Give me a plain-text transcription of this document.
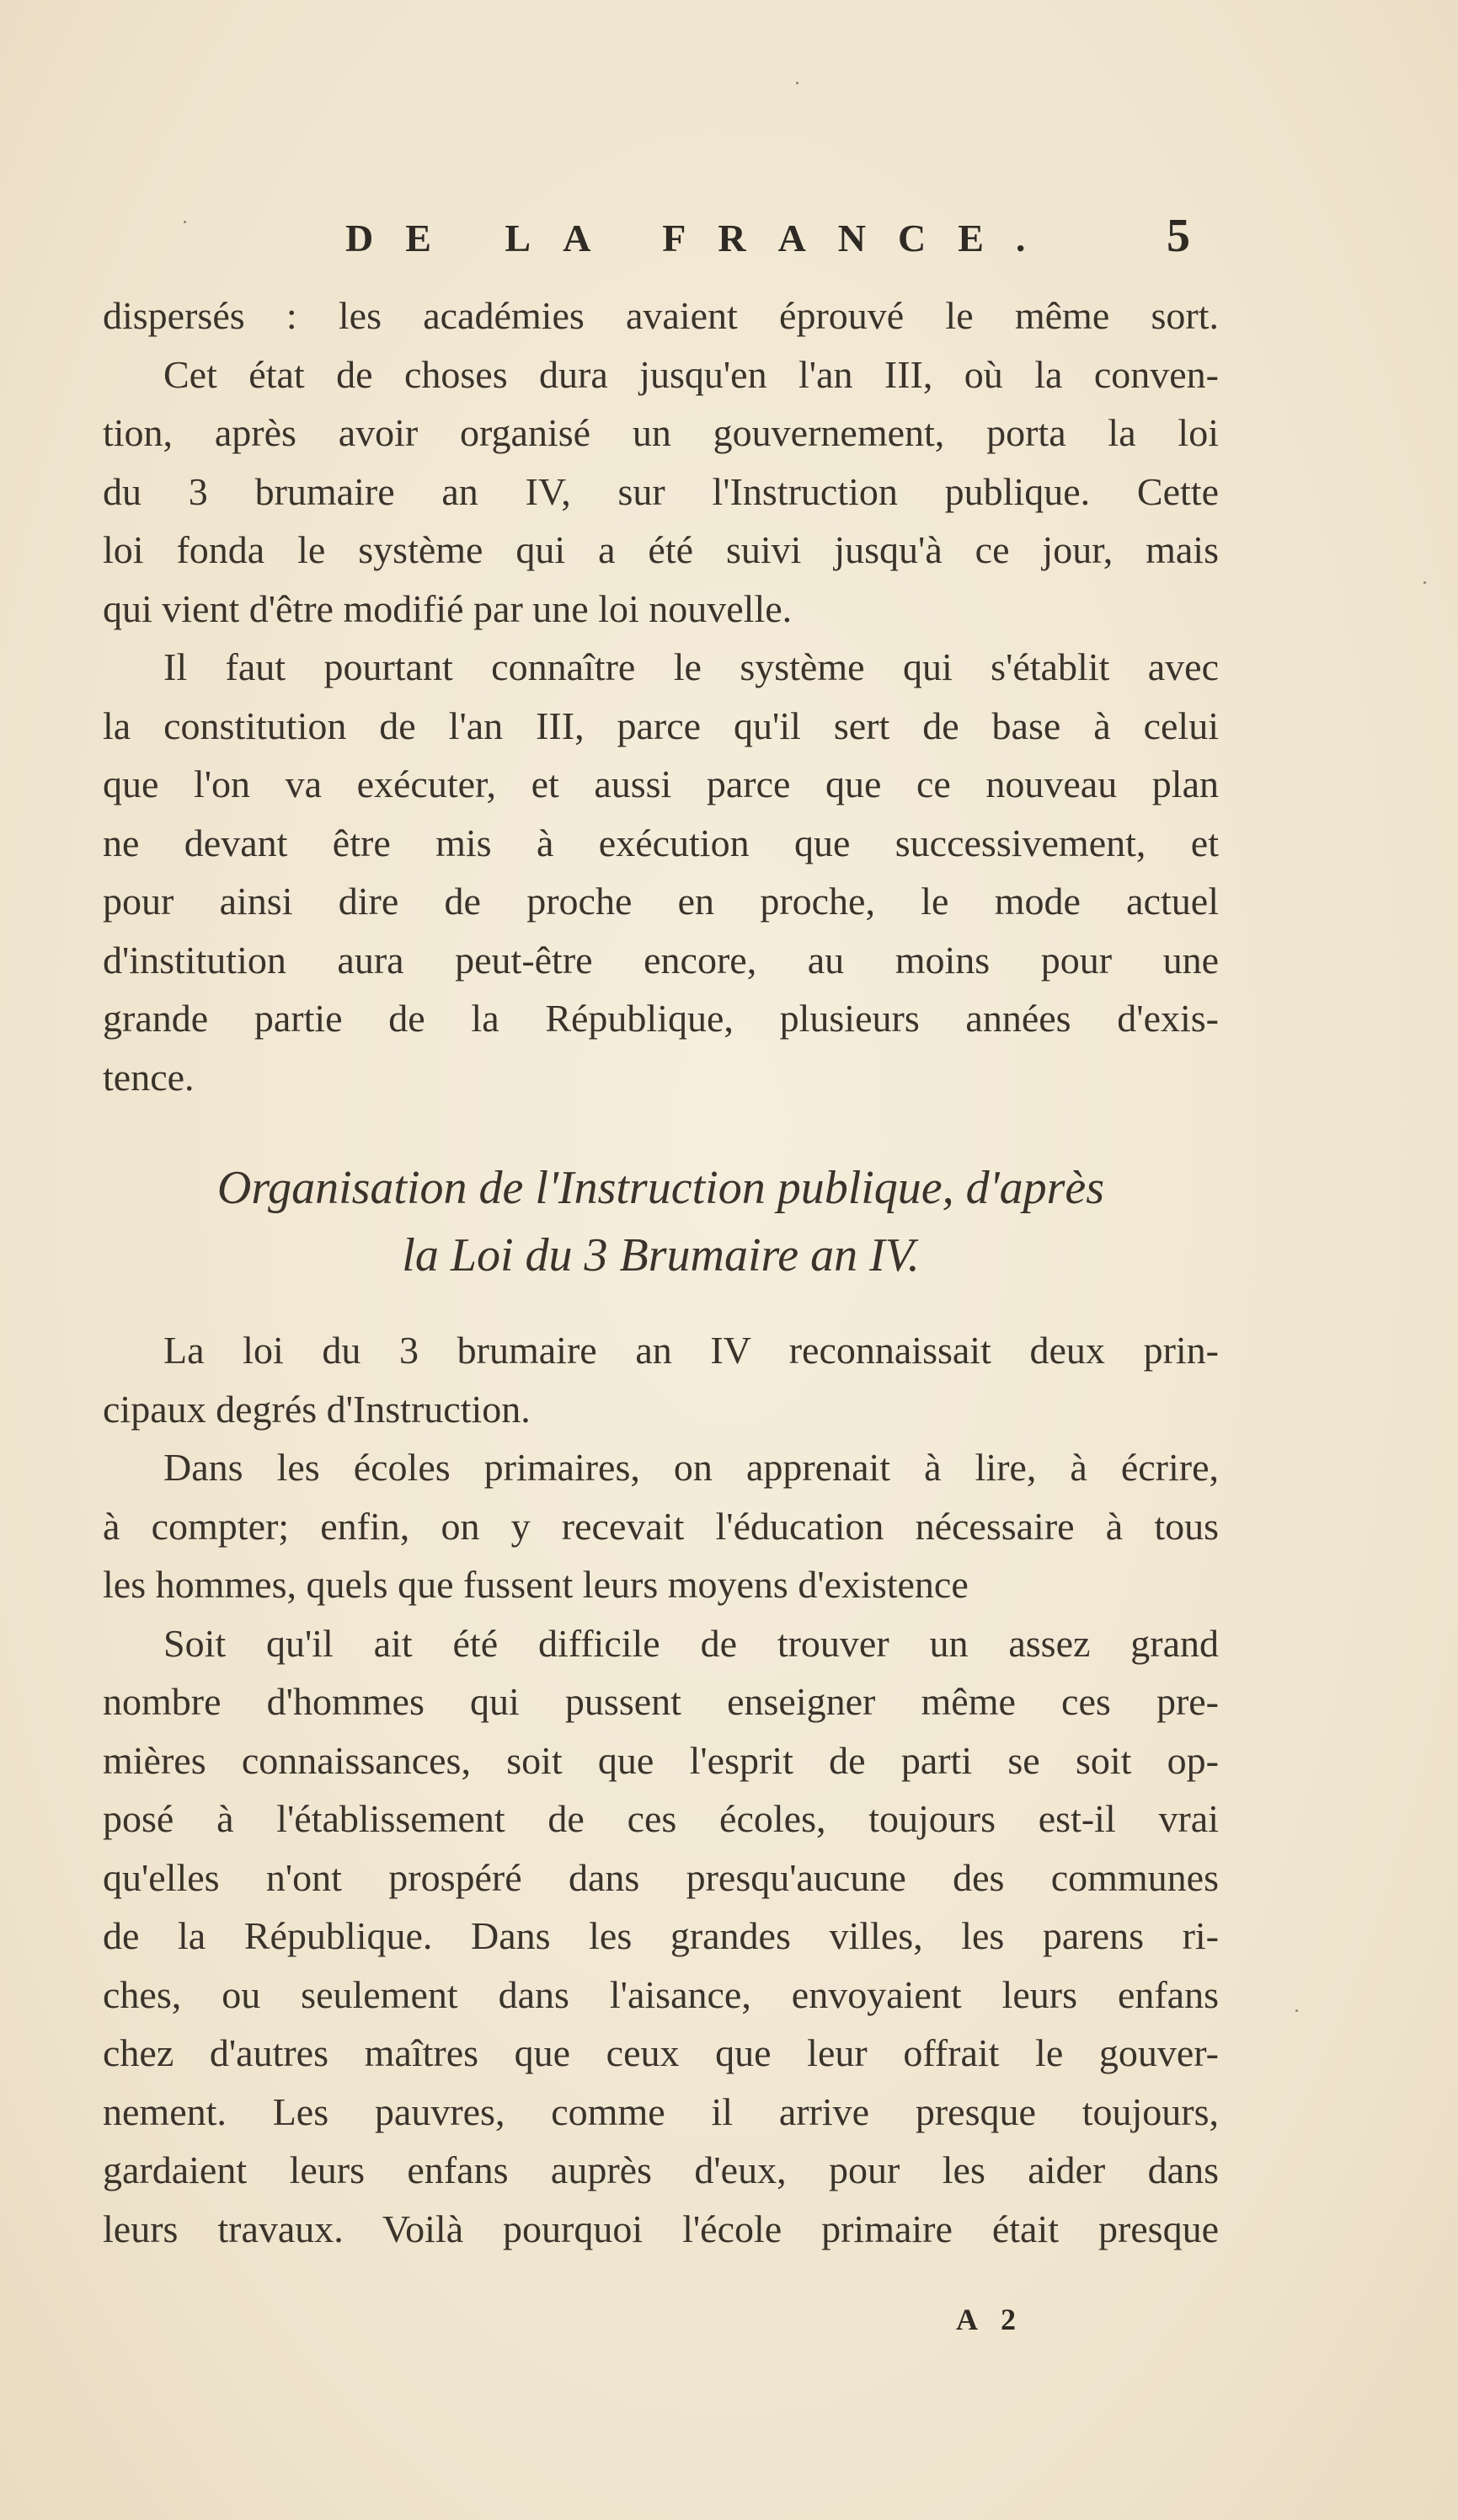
DE LA FRANCE. 5
dispersés : les académies avaient éprouvé le même sort.
Cet état de choses dura jusqu'en l'an III, où la conven-
tion, après avoir organisé un gouvernement, porta la loi
du 3 brumaire an IV, sur l'Instruction publique. Cette
loi fonda le système qui a été suivi jusqu'à ce jour, mais
qui vient d'être modifié par une loi nouvelle.
Il faut pourtant connaître le système qui s'établit avec
la constitution de l'an III, parce qu'il sert de base à celui
que l'on va exécuter, et aussi parce que ce nouveau plan
ne devant être mis à exécution que successivement, et
pour ainsi dire de proche en proche, le mode actuel
d'institution aura peut-être encore, au moins pour une
grande partie de la République, plusieurs années d'exis-
tence.
Organisation de l'Instruction publique, d'après
la Loi du 3 Brumaire an IV.
La loi du 3 brumaire an IV reconnaissait deux prin-
cipaux degrés d'Instruction.
Dans les écoles primaires, on apprenait à lire, à écrire,
à compter; enfin, on y recevait l'éducation nécessaire à tous
les hommes, quels que fussent leurs moyens d'existence
Soit qu'il ait été difficile de trouver un assez grand
nombre d'hommes qui pussent enseigner même ces pre-
mières connaissances, soit que l'esprit de parti se soit op-
posé à l'établissement de ces écoles, toujours est-il vrai
qu'elles n'ont prospéré dans presqu'aucune des communes
de la République. Dans les grandes villes, les parens ri-
ches, ou seulement dans l'aisance, envoyaient leurs enfans
chez d'autres maîtres que ceux que leur offrait le gouver-
nement. Les pauvres, comme il arrive presque toujours,
gardaient leurs enfans auprès d'eux, pour les aider dans
leurs travaux. Voilà pourquoi l'école primaire était presque
A 2
